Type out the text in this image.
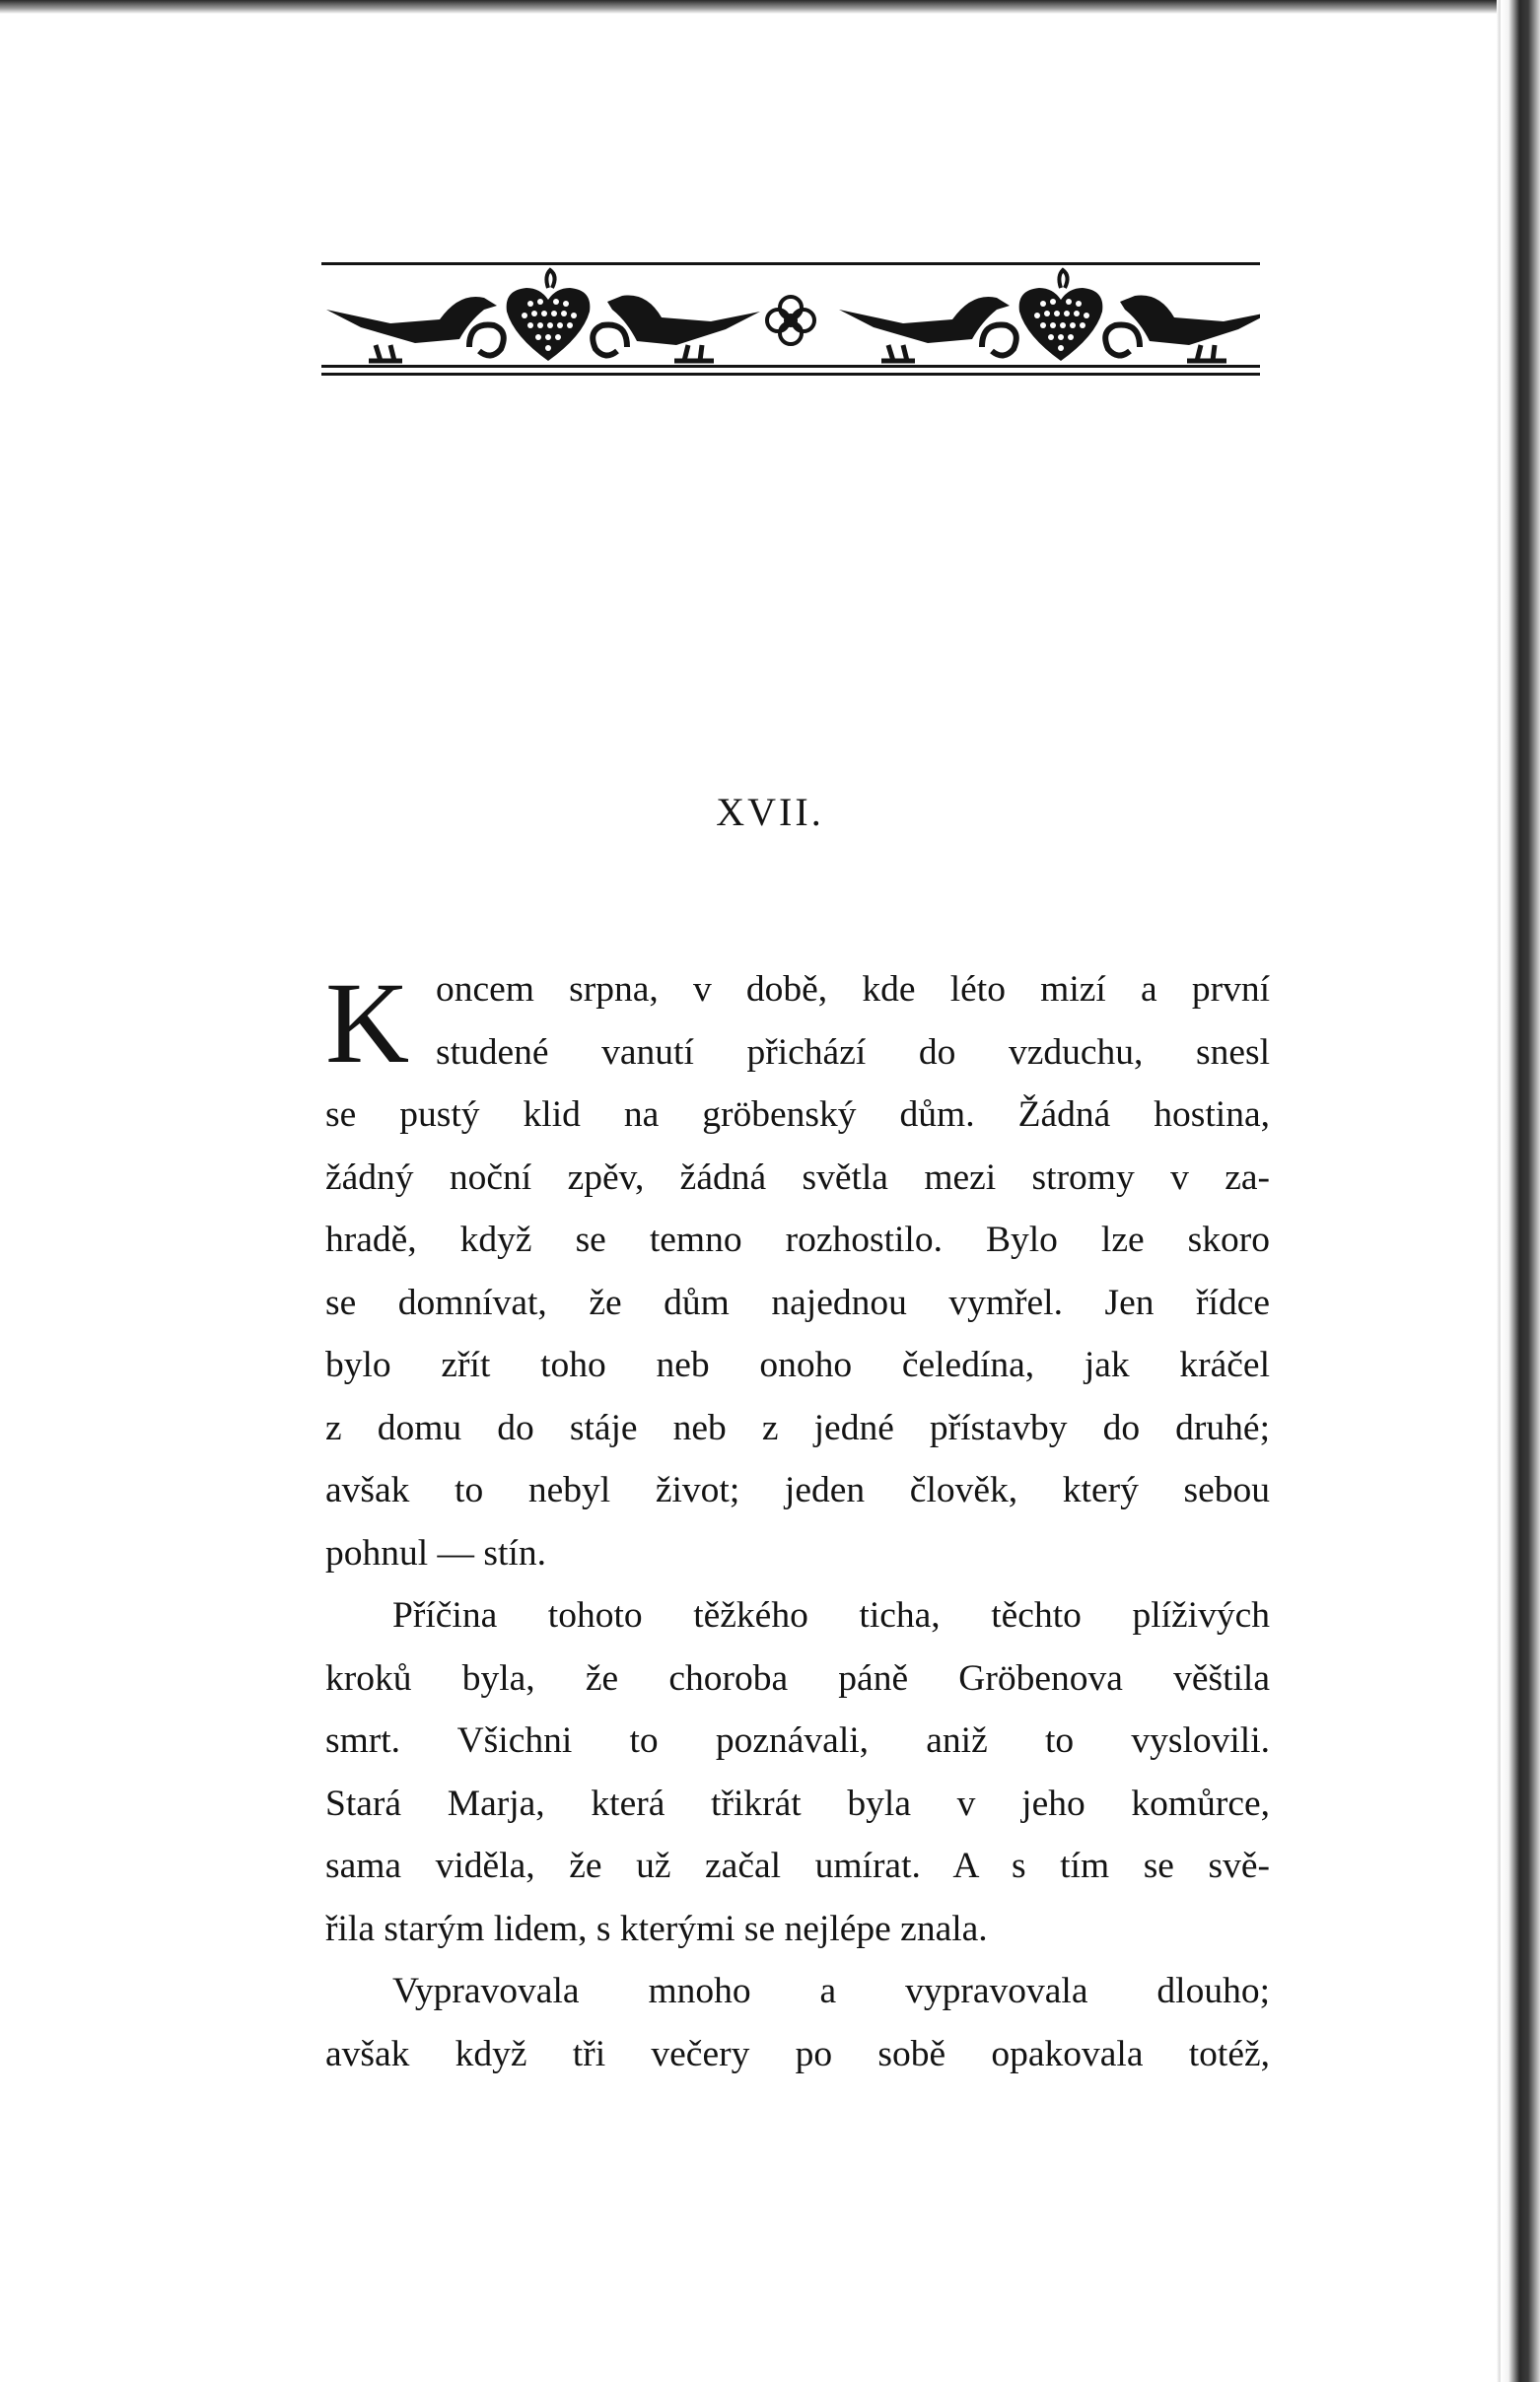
XVII.
K oncem srpna, v době, kde léto mizí a první
studené vanutí přichází do vzduchu, snesl
se pustý klid na gröbenský dům. Žádná hostina,
žádný noční zpěv, žádná světla mezi stromy v za-
hradě, když se temno rozhostilo. Bylo lze skoro
se domnívat, že dům najednou vymřel. Jen řídce
bylo zřít toho neb onoho čeledína, jak kráčel
z domu do stáje neb z jedné přístavby do druhé;
avšak to nebyl život; jeden člověk, který sebou
pohnul — stín.
Příčina tohoto těžkého ticha, těchto plíživých
kroků byla, že choroba páně Gröbenova věštila
smrt. Všichni to poznávali, aniž to vyslovili.
Stará Marja, která třikrát byla v jeho komůrce,
sama viděla, že už začal umírat. A s tím se svě-
řila starým lidem, s kterými se nejlépe znala.
Vypravovala mnoho a vypravovala dlouho;
avšak když tři večery po sobě opakovala totéž,
